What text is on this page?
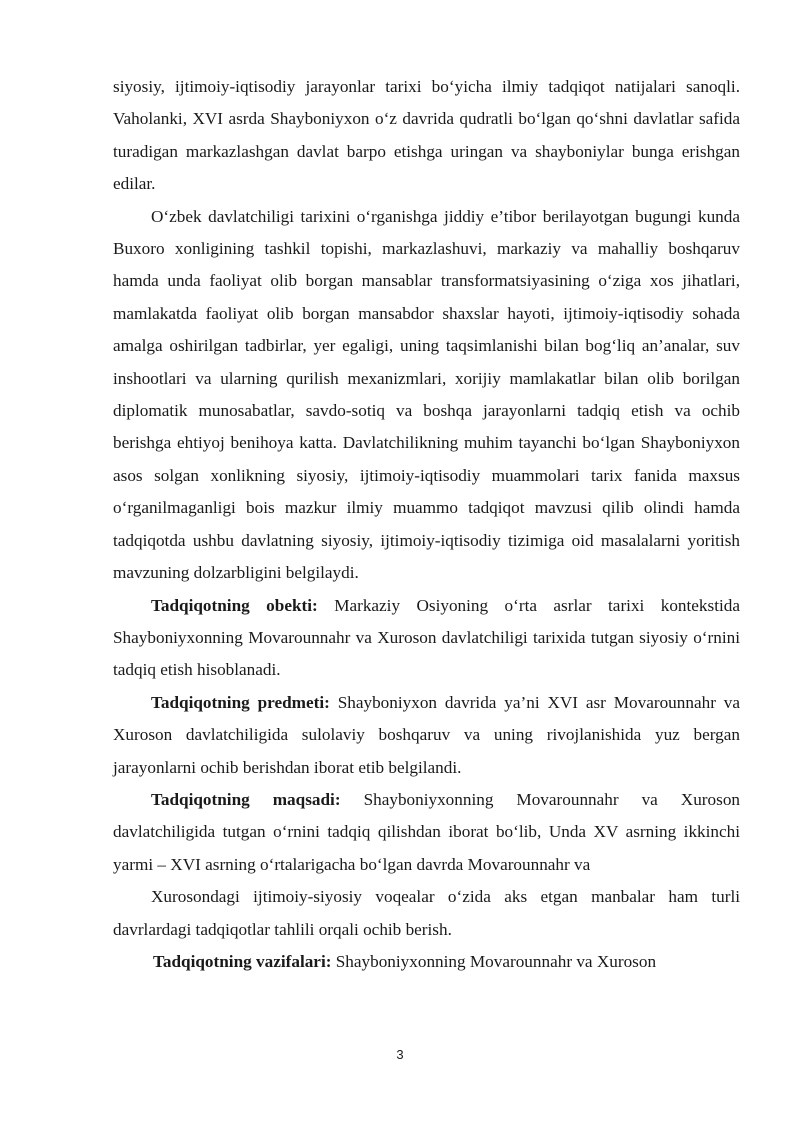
siyosiy, ijtimoiy-iqtisodiy jarayonlar tarixi bo‘yicha ilmiy tadqiqot natijalari sanoqli. Vaholanki, XVI asrda Shayboniyxon o‘z davrida qudratli bo‘lgan qo‘shni davlatlar safida turadigan markazlashgan davlat barpo etishga uringan va shayboniylar bunga erishgan edilar.

O‘zbek davlatchiligi tarixini o‘rganishga jiddiy e’tibor berilayotgan bugungi kunda Buxoro xonligining tashkil topishi, markazlashuvi, markaziy va mahalliy boshqaruv hamda unda faoliyat olib borgan mansablar transformatsiyasining o‘ziga xos jihatlari, mamlakatda faoliyat olib borgan mansabdor shaxslar hayoti, ijtimoiy-iqtisodiy sohada amalga oshirilgan tadbirlar, yer egaligi, uning taqsimlanishi bilan bog‘liq an’analar, suv inshootlari va ularning qurilish mexanizmlari, xorijiy mamlakatlar bilan olib borilgan diplomatik munosabatlar, savdo-sotiq va boshqa jarayonlarni tadqiq etish va ochib berishga ehtiyoj benihoya katta. Davlatchilikning muhim tayanchi bo‘lgan Shayboniyxon asos solgan xonlikning siyosiy, ijtimoiy-iqtisodiy muammolari tarix fanida maxsus o‘rganilmaganligi bois mazkur ilmiy muammo tadqiqot mavzusi qilib olindi hamda tadqiqotda ushbu davlatning siyosiy, ijtimoiy-iqtisodiy tizimiga oid masalalarni yoritish mavzuning dolzarbligini belgilaydi.

Tadqiqotning obekti: Markaziy Osiyoning o‘rta asrlar tarixi kontekstida Shayboniyxonning Movarounnahr va Xuroson davlatchiligi tarixida tutgan siyosiy o‘rnini tadqiq etish hisoblanadi.

Tadqiqotning predmeti: Shayboniyxon davrida ya’ni XVI asr Movarounnahr va Xuroson davlatchiligida sulolaviy boshqaruv va uning rivojlanishida yuz bergan jarayonlarni ochib berishdan iborat etib belgilandi.

Tadqiqotning maqsadi: Shayboniyxonning Movarounnahr va Xuroson davlatchiligida tutgan o‘rnini tadqiq qilishdan iborat bo‘lib, Unda XV asrning ikkinchi yarmi – XVI asrning o‘rtalarigacha bo‘lgan davrda Movarounnahr va

Xurosondagi ijtimoiy-siyosiy voqealar o‘zida aks etgan manbalar ham turli davrlardagi tadqiqotlar tahlili orqali ochib berish.

Tadqiqotning vazifalari: Shayboniyxonning Movarounnahr va Xuroson

3
